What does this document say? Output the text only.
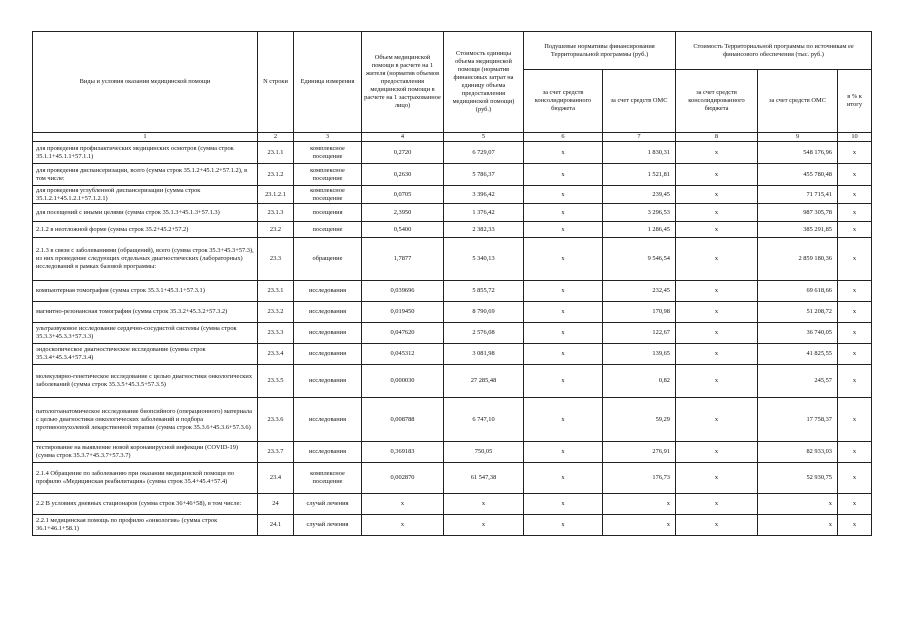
Виды и условия оказания медицинской помощи	N строки	Единица измерения	Объем медицинской помощи в расчете на 1 жителя (норматив объемов предоставления медицинской помощи в расчете на 1 застрахованное лицо)	Стоимость единицы объема медицинской помощи (норматив финансовых затрат на единицу объема предоставления медицинской помощи) (руб.)	Подушевые нормативы финансирования Территориальной программы (руб.)		Стоимость Территориальной программы по источникам ее финансового обеспечения (тыс. руб.)		
					за счет средств консолидированного бюджета	за счет средств ОМС	за счет средств консолидированного бюджета	за счет средств ОМС	в % к итогу
1	2	3	4	5	6	7	8	9	10
для проведения профилактических медицинских осмотров (сумма строк 35.1.1+45.1.1+57.1.1)	23.1.1	комплексное посещение	0,2720	6 729,07	x	1 830,31	x	548 176,96	x
для проведения диспансеризации, всего (сумма строк 35.1.2+45.1.2+57.1.2), в том числе:	23.1.2	комплексное посещение	0,2630	5 786,37	x	1 521,81	x	455 780,48	x
для проведения углубленной диспансеризации (сумма строк 35.1.2.1+45.1.2.1+57.1.2.1)	23.1.2.1	комплексное посещение	0,0705	3 396,42	x	239,45	x	71 715,41	x
для посещений с иными целями (сумма строк 35.1.3+45.1.3+57.1.3)	23.1.3	посещения	2,3950	1 376,42	x	3 296,53	x	987 305,78	x
2.1.2 в неотложной форме (сумма строк 35.2+45.2+57.2)	23.2	посещение	0,5400	2 382,33	x	1 286,45	x	385 291,85	x
2.1.3 в связи с заболеваниями (обращений), всего (сумма строк 35.3+45.3+57.3), из них проведение следующих отдельных диагностических (лабораторных) исследований в рамках базовой программы:	23.3	обращение	1,7877	5 340,13	x	9 546,54	x	2 859 180,36	x
компьютерная томография (сумма строк 35.3.1+45.3.1+57.3.1)	23.3.1	исследования	0,039696	5 855,72	x	232,45	x	69 618,66	x
магнитно-резонансная томография (сумма строк 35.3.2+45.3.2+57.3.2)	23.3.2	исследования	0,019450	8 790,69	x	170,98	x	51 208,72	x
ультразвуковое исследование сердечно-сосудистой системы (сумма строк 35.3.3+45.3.3+57.3.3)	23.3.3	исследования	0,047620	2 576,08	x	122,67	x	36 740,05	x
эндоскопическое диагностическое исследование (сумма строк 35.3.4+45.3.4+57.3.4)	23.3.4	исследования	0,045312	3 081,98	x	139,65	x	41 825,55	x
молекулярно-генетическое исследование с целью диагностики онкологических заболеваний (сумма строк 35.3.5+45.3.5+57.3.5)	23.3.5	исследования	0,000030	27 285,48	x	0,82	x	245,57	x
патологоанатомическое исследование биопсийного (операционного) материала с целью диагностики онкологических заболеваний и подбора противоопухолевой лекарственной терапии (сумма строк 35.3.6+45.3.6+57.3.6)	23.3.6	исследования	0,008788	6 747,10	x	59,29	x	17 758,37	x
тестирование на выявление новой коронавирусной инфекции (COVID-19) (сумма строк 35.3.7+45.3.7+57.3.7)	23.3.7	исследования	0,369183	750,05	x	276,91	x	82 933,03	x
2.1.4 Обращение по заболеванию при оказании медицинской помощи по профилю «Медицинская реабилитация» (сумма строк 35.4+45.4+57.4)	23.4	комплексное посещение	0,002870	61 547,38	x	176,73	x	52 930,75	x
2.2 В условиях дневных стационаров (сумма строк 36+46+58), в том числе:	24	случай лечения	x	x	x	x	x	x	x
2.2.1 медицинская помощь по профилю «онкология» (сумма строк 36.1+46.1+58.1)	24.1	случай лечения	x	x	x	x	x	x	x
